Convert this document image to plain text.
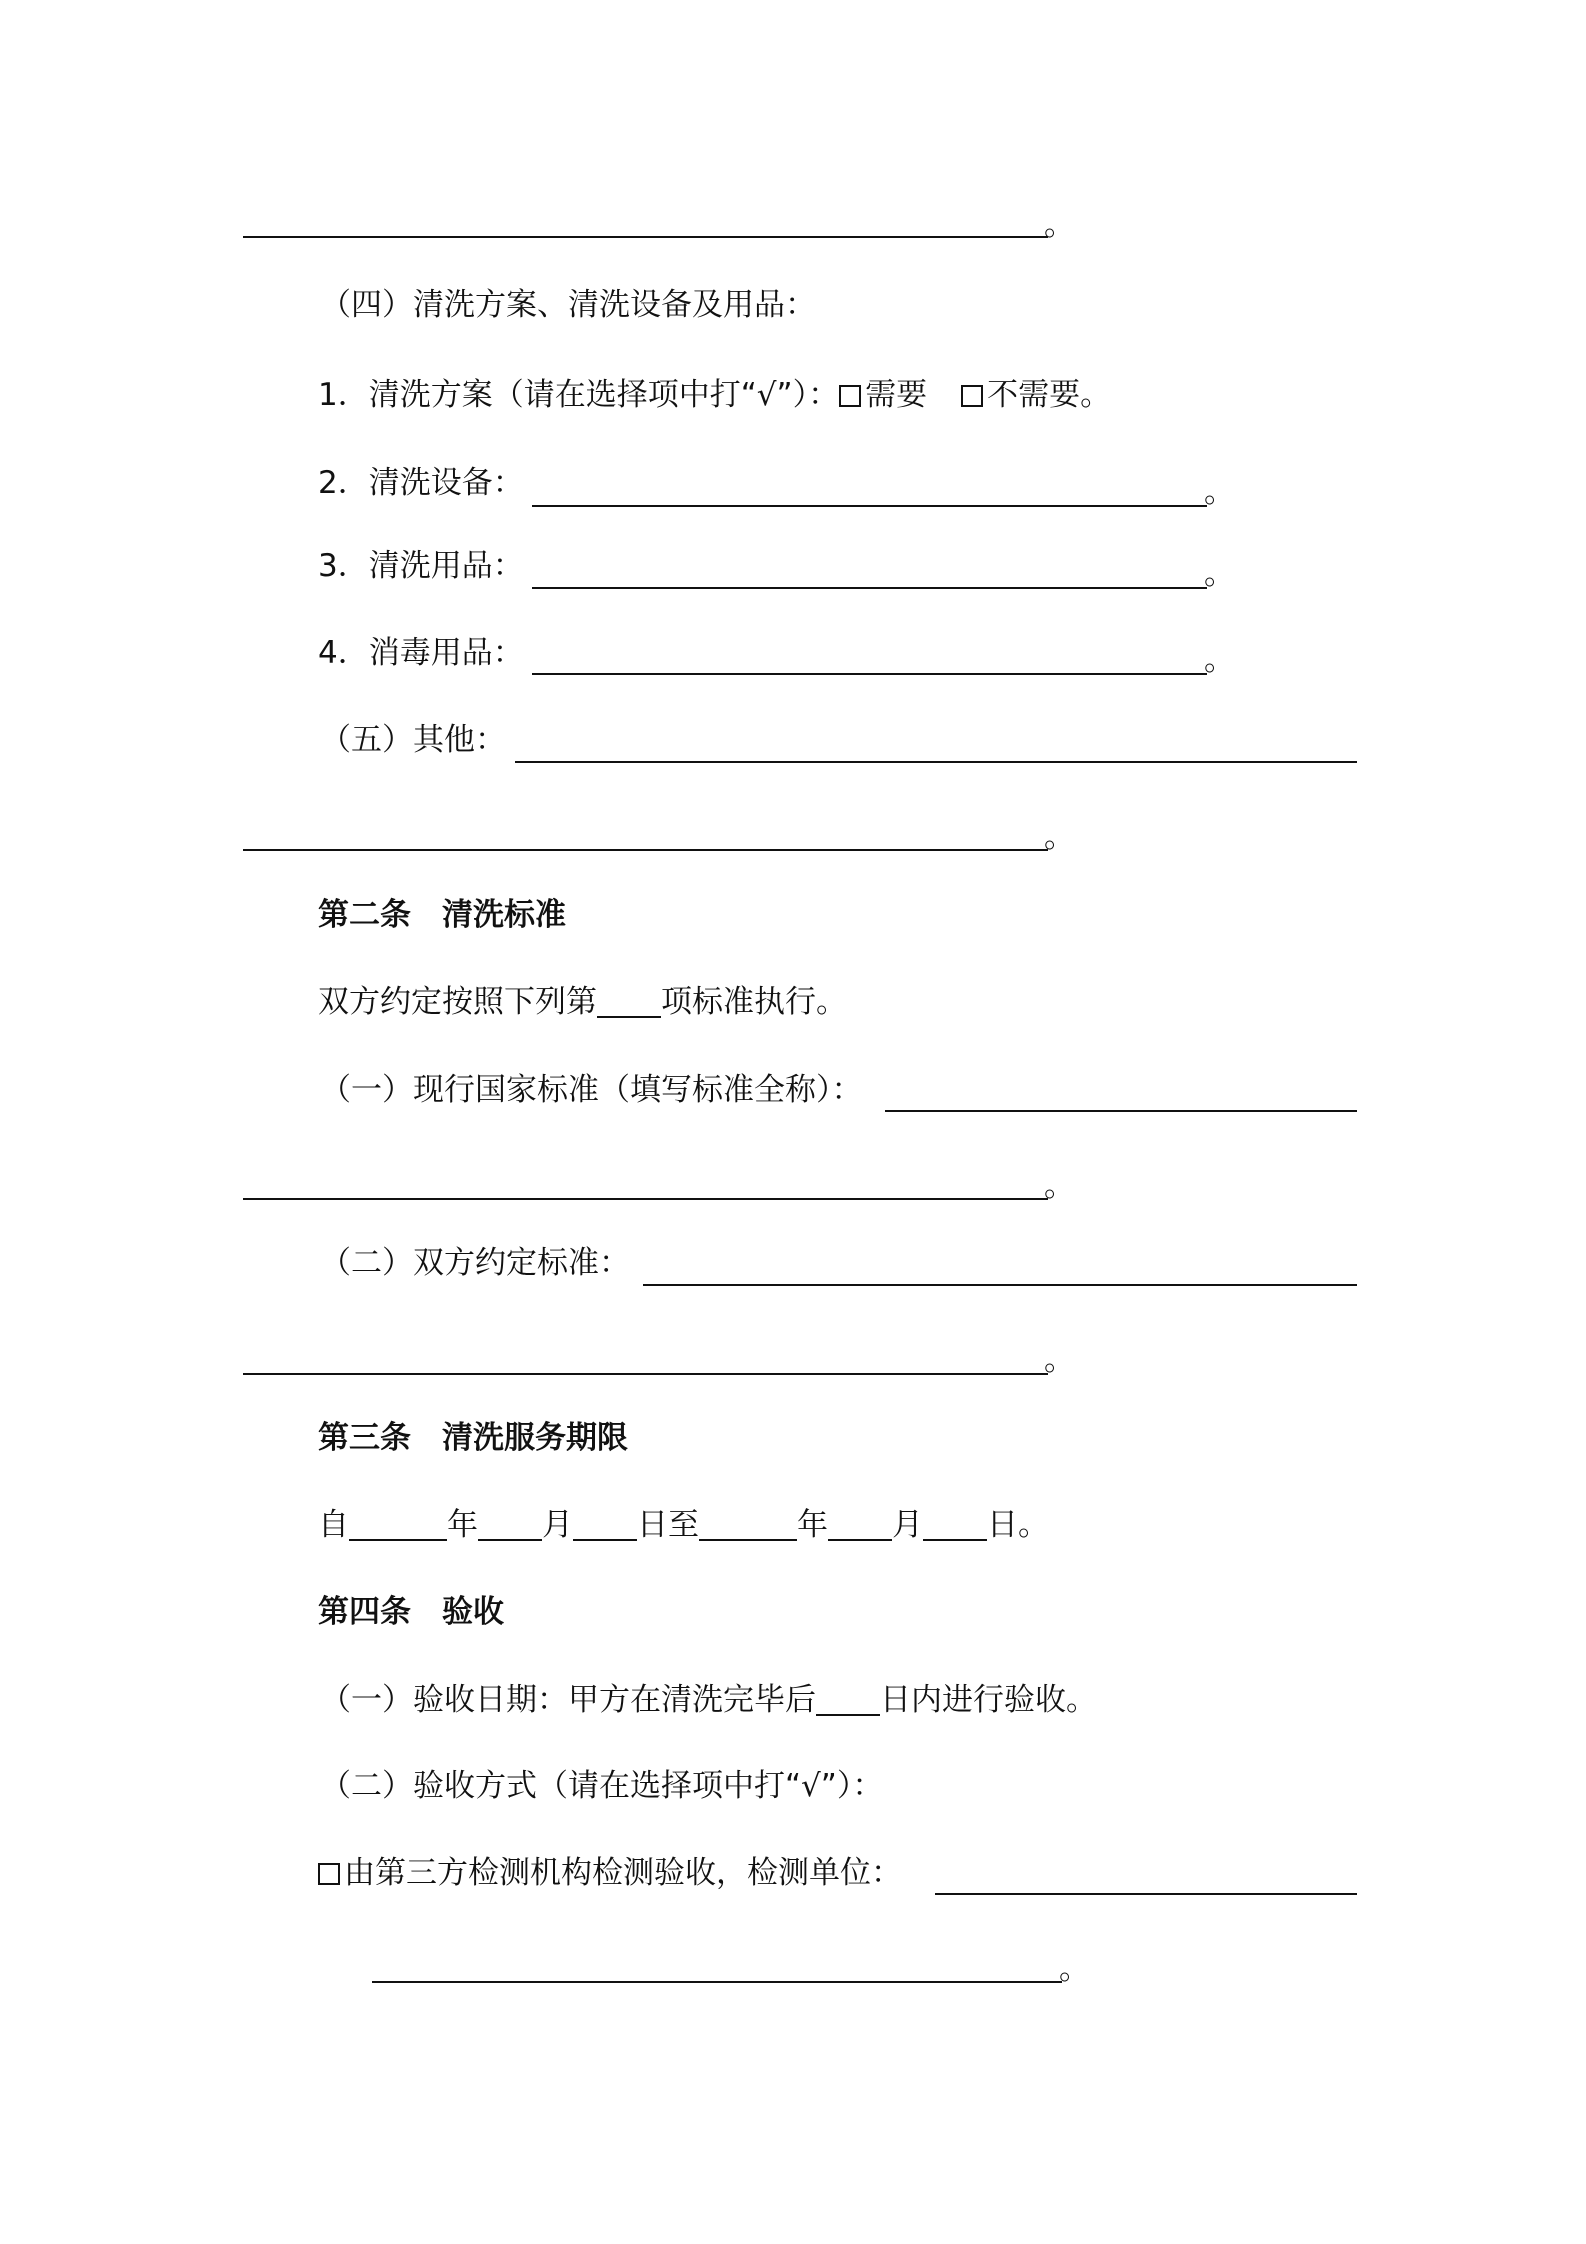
。
（四）清洗方案、清洗设备及用品：
1．清洗方案（请在选择项中打“√”）： 需要 不需要。
2．清洗设备：	。
3．清洗用品：	。
4．消毒用品：	。
（五）其他：
。
第二条　清洗标准
双方约定按照下列第 项标准执行。
（一）现行国家标准（填写标准全称）：
。
（二）双方约定标准：
。
第三条　清洗服务期限
自	年 月 日至	年 月 日。
第四条　验收
（一）验收日期：甲方在清洗完毕后 日内进行验收。
（二）验收方式（请在选择项中打“√”）：
由第三方检测机构检测验收，检测单位：
。
